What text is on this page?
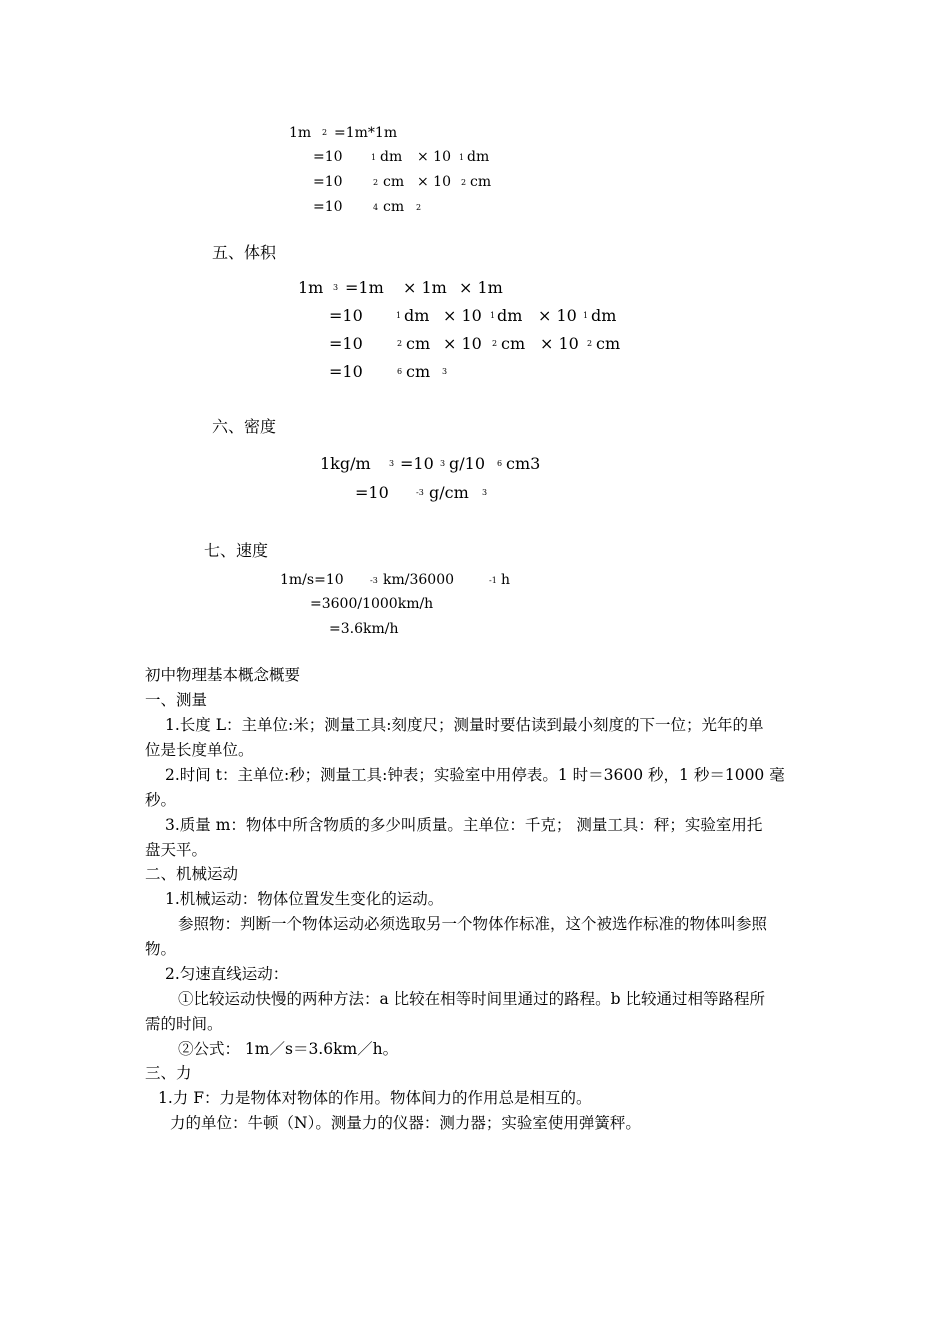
1m 2 =1m*1m
=10	1 dm × 10 1 dm
=10	2 cm × 10 2 cm
=10	4 cm 2
五、体积
1m 3 =1m × 1m × 1m
=10	1 dm × 10 1 dm × 10 1 dm
=10	2 cm × 10 2 cm × 10 2 cm
=10	6 cm 3
六、密度
1kg/m 3 =10 3 g/10 6 cm3
=10	-3 g/cm 3
七、速度
1m/s=10	-3 km/36000	-1 h
=3600/1000km/h
=3.6km/h
初中物理基本概念概要
一、测量
1.长度 L：主单位:米；测量工具:刻度尺；测量时要估读到最小刻度的下一位；光年的单
位是长度单位。
2.时间 t：主单位:秒；测量工具:钟表；实验室中用停表。1 时＝3600 秒，1 秒＝1000 毫
秒。
3.质量 m：物体中所含物质的多少叫质量。主单位：千克； 测量工具：秤；实验室用托
盘天平。
二、机械运动
1.机械运动：物体位置发生变化的运动。
参照物：判断一个物体运动必须选取另一个物体作标准，这个被选作标准的物体叫参照
物。
2.匀速直线运动：
①比较运动快慢的两种方法：a 比较在相等时间里通过的路程。b 比较通过相等路程所
需的时间。
②公式： 1m／s＝3.6km／h。
三、力
1.力 F：力是物体对物体的作用。物体间力的作用总是相互的。
力的单位：牛顿（N）。测量力的仪器：测力器；实验室使用弹簧秤。
